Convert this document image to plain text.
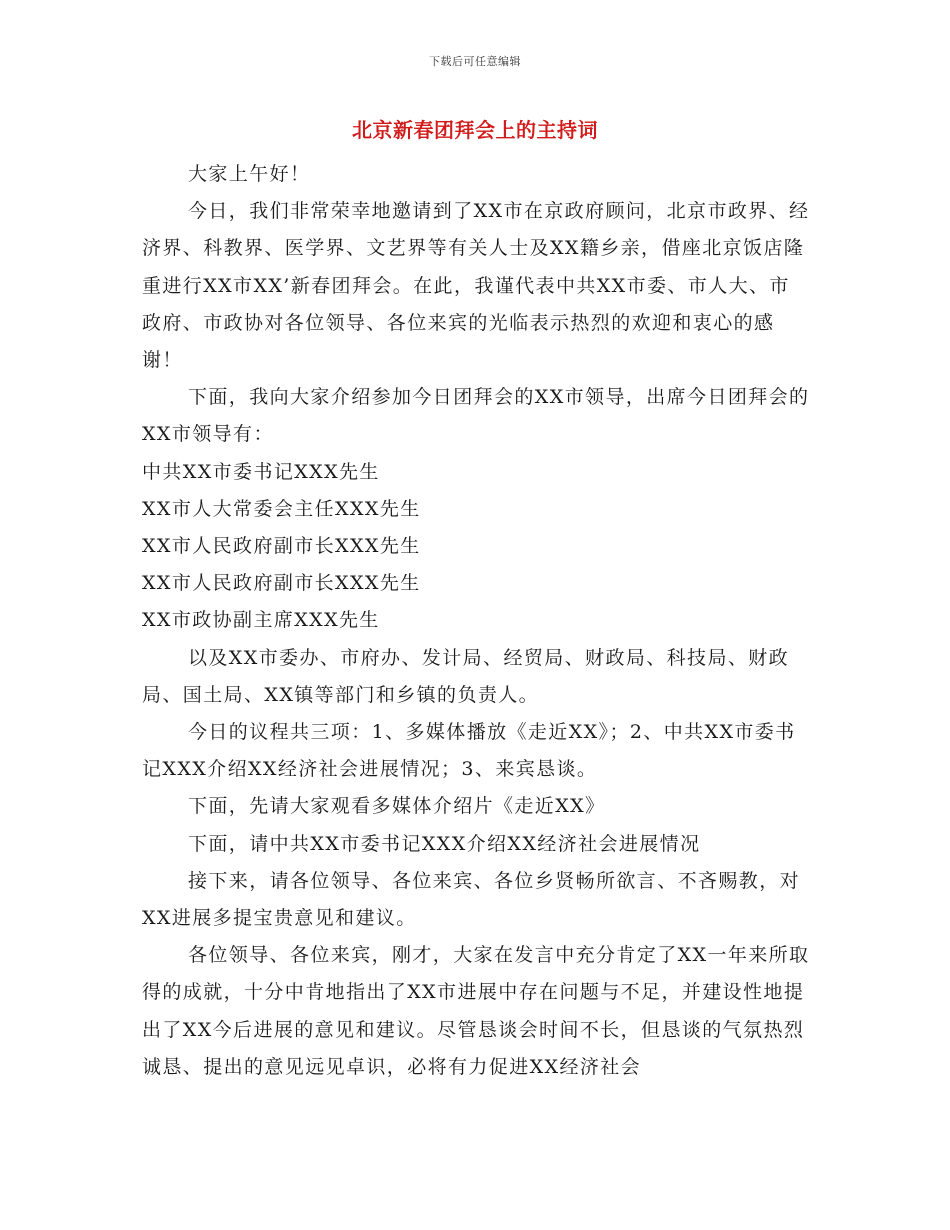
下载后可任意编辑
北京新春团拜会上的主持词

大家上午好！

今日，我们非常荣幸地邀请到了XX市在京政府顾问，北京市政界、经济界、科教界、医学界、文艺界等有关人士及XX籍乡亲，借座北京饭店隆重进行XX市XX’新春团拜会。在此，我谨代表中共XX市委、市人大、市政府、市政协对各位领导、各位来宾的光临表示热烈的欢迎和衷心的感谢！

下面，我向大家介绍参加今日团拜会的XX市领导，出席今日团拜会的XX市领导有：

中共XX市委书记XXX先生

XX市人大常委会主任XXX先生

XX市人民政府副市长XXX先生

XX市人民政府副市长XXX先生

XX市政协副主席XXX先生

以及XX市委办、市府办、发计局、经贸局、财政局、科技局、财政局、国土局、XX镇等部门和乡镇的负责人。

今日的议程共三项：1、多媒体播放《走近XX》；2、中共XX市委书记XXX介绍XX经济社会进展情况；3、来宾恳谈。

下面，先请大家观看多媒体介绍片《走近XX》

下面，请中共XX市委书记XXX介绍XX经济社会进展情况

接下来，请各位领导、各位来宾、各位乡贤畅所欲言、不吝赐教，对XX进展多提宝贵意见和建议。

各位领导、各位来宾，刚才，大家在发言中充分肯定了XX一年来所取得的成就，十分中肯地指出了XX市进展中存在问题与不足，并建设性地提出了XX今后进展的意见和建议。尽管恳谈会时间不长，但恳谈的气氛热烈诚恳、提出的意见远见卓识，必将有力促进XX经济社会
